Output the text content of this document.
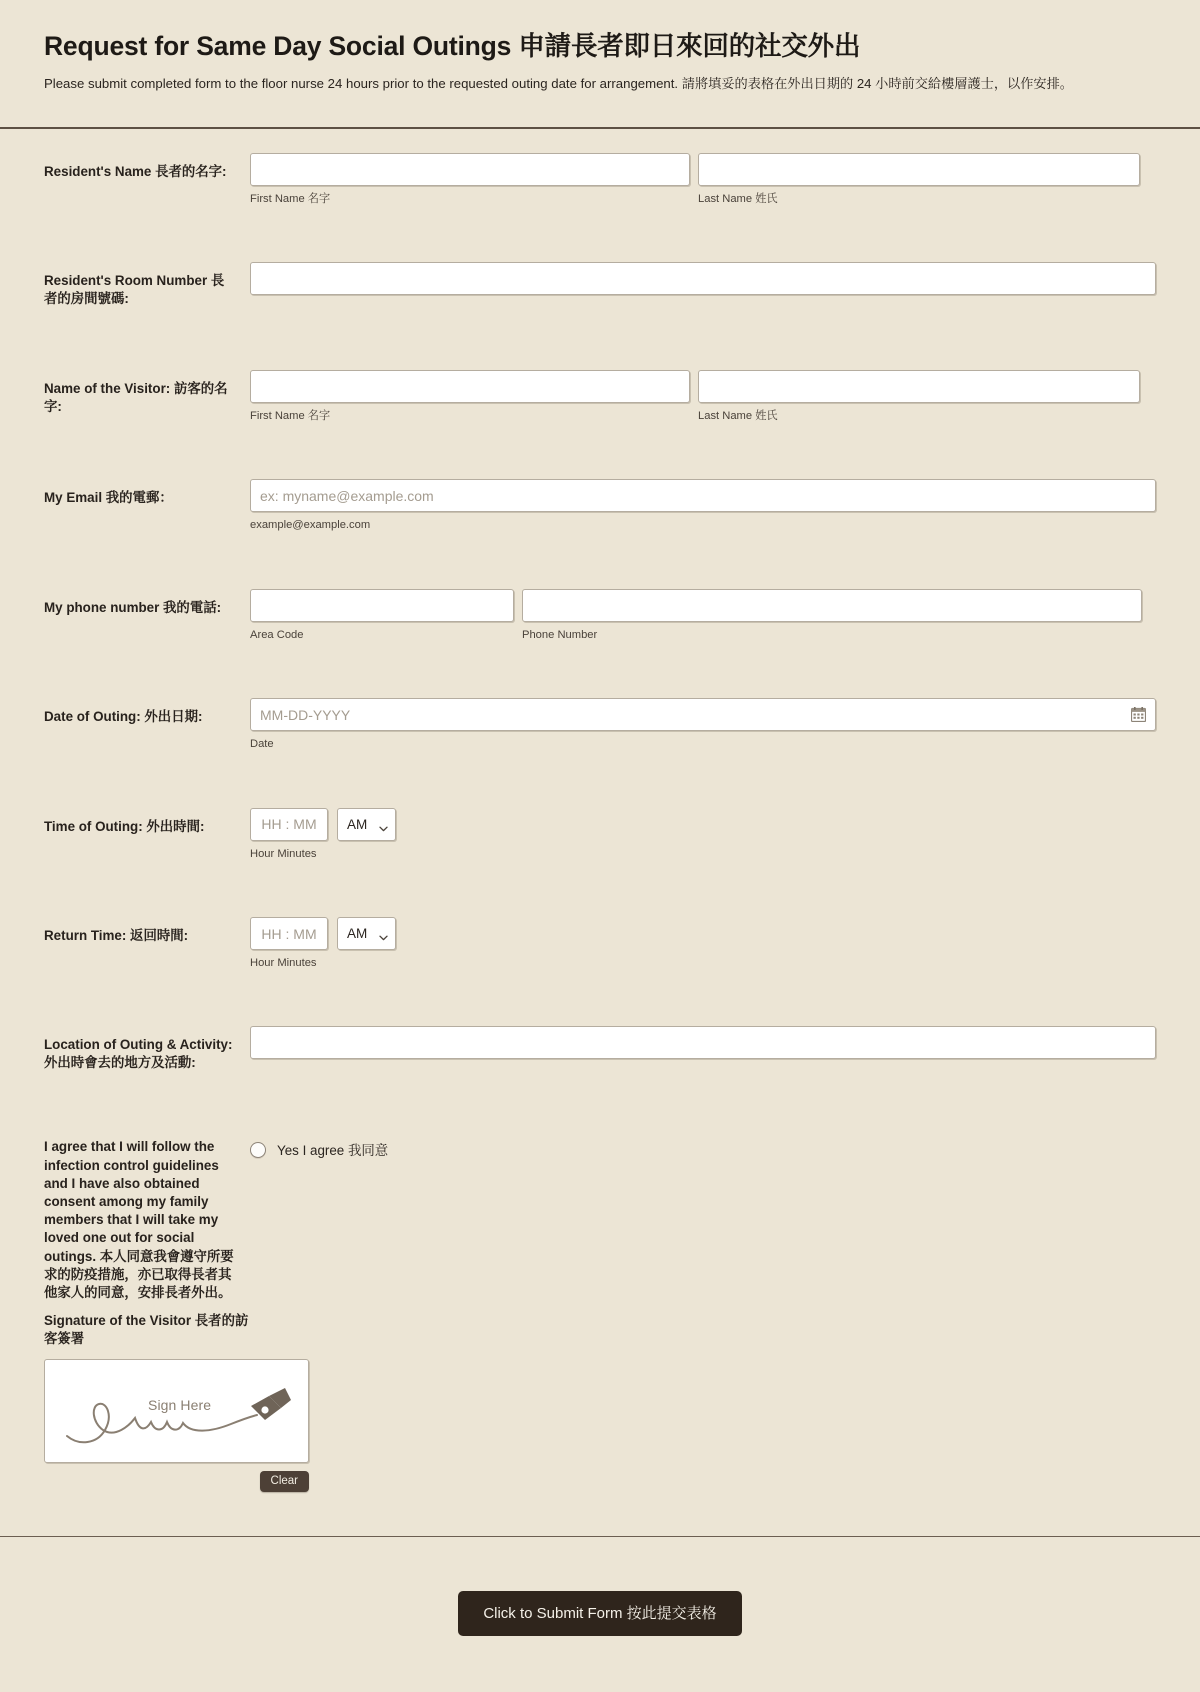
Request for Same Day Social Outings 申請長者即日來回的社交外出

Please submit completed form to the floor nurse 24 hours prior to the requested outing date for arrangement. 請將填妥的表格在外出日期的 24 小時前交給樓層護士，以作安排。

Resident's Name 長者的名字:
First Name 名字	Last Name 姓氏
Resident's Room Number 長者的房間號碼:
Name of the Visitor: 訪客的名字:
First Name 名字	Last Name 姓氏
My Email 我的電郵：
ex: myname@example.com
example@example.com
My phone number 我的電話:
Area Code	Phone Number
Date of Outing: 外出日期:
MM-DD-YYYY
Date
Time of Outing: 外出時間:
HH : MM	AM
Hour Minutes
Return Time: 返回時間:
HH : MM	AM
Hour Minutes
Location of Outing & Activity: 外出時會去的地方及活動:
I agree that I will follow the infection control guidelines and I have also obtained consent among my family members that I will take my loved one out for social outings. 本人同意我會遵守所要求的防疫措施，亦已取得長者其他家人的同意，安排長者外出。
Yes I agree 我同意
Signature of the Visitor 長者的訪客簽署
Sign Here
Clear
Click to Submit Form 按此提交表格
